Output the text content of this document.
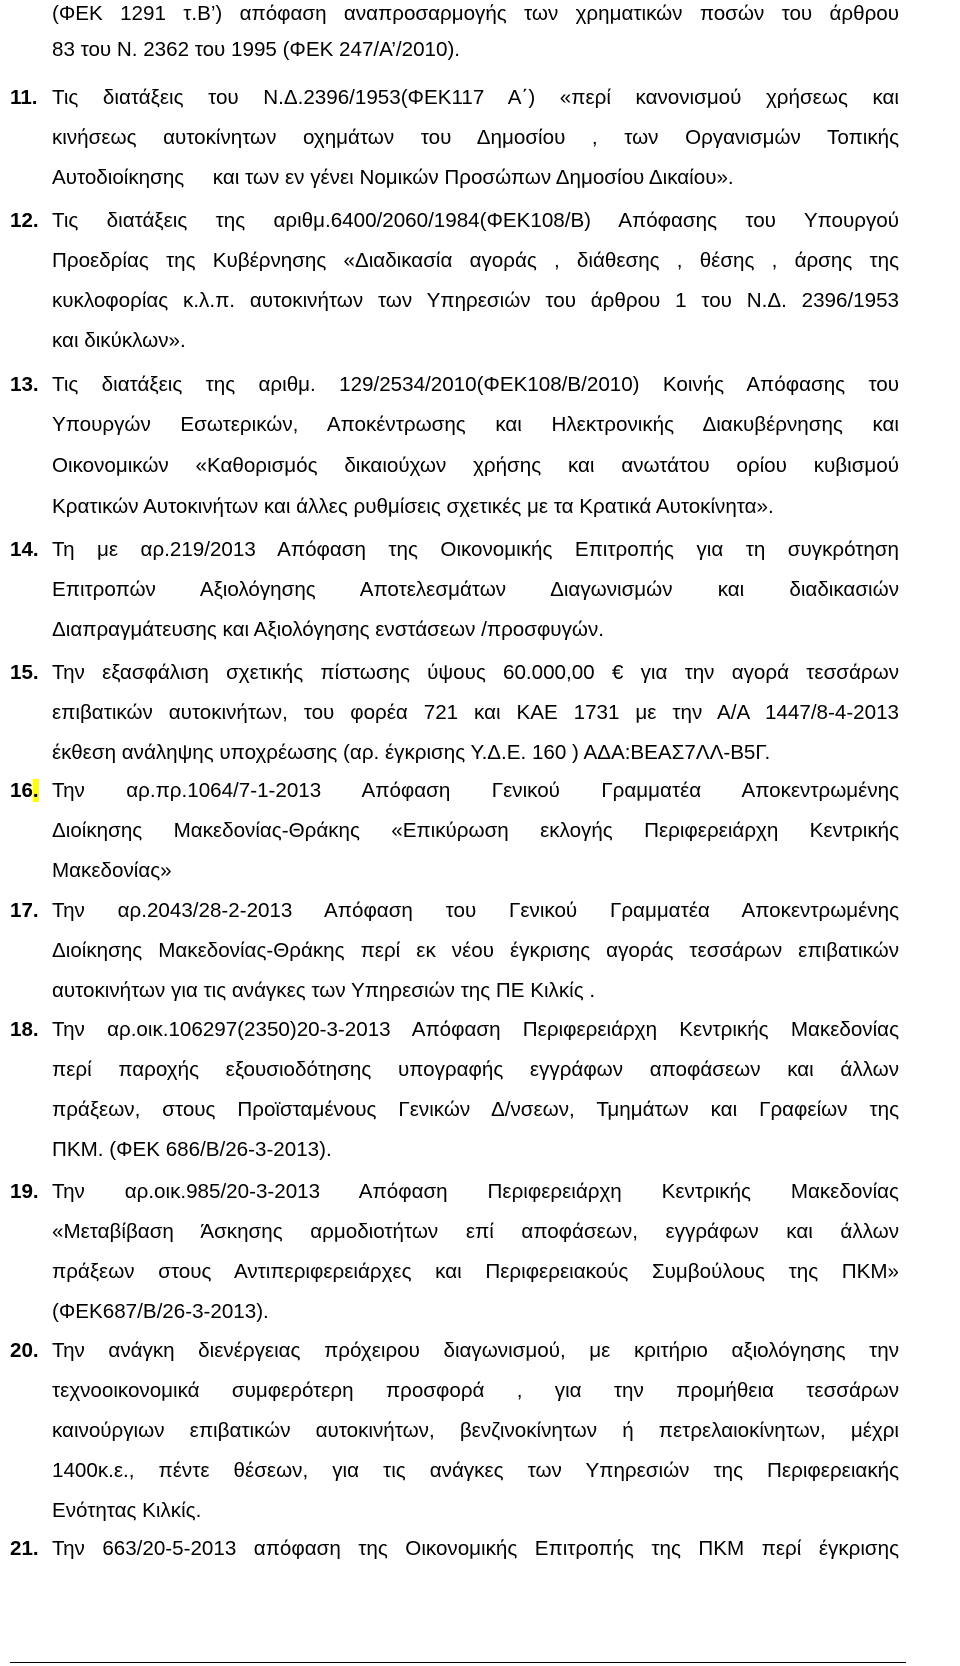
(ΦΕΚ 1291 τ.Β’) απόφαση αναπροσαρμογής των χρηματικών ποσών του άρθρου
83 του Ν. 2362 του 1995 (ΦΕΚ 247/Α’/2010).
11. Τις διατάξεις του Ν.Δ.2396/1953(ΦΕΚ117 Α΄) «περί κανονισμού χρήσεως και
κινήσεως αυτοκίνητων οχημάτων του Δημοσίου , των Οργανισμών Τοπικής
Αυτοδιοίκησης     και των εν γένει Νομικών Προσώπων Δημοσίου Δικαίου».
12. Τις διατάξεις της αριθμ.6400/2060/1984(ΦΕΚ108/Β) Απόφασης του Υπουργού
Προεδρίας της Κυβέρνησης «Διαδικασία αγοράς , διάθεσης , θέσης , άρσης της
κυκλοφορίας κ.λ.π. αυτοκινήτων των Υπηρεσιών του άρθρου 1 του Ν.Δ. 2396/1953
και δικύκλων».
13. Τις διατάξεις της αριθμ. 129/2534/2010(ΦΕΚ108/Β/2010) Κοινής Απόφασης του
Υπουργών Εσωτερικών, Αποκέντρωσης και Ηλεκτρονικής Διακυβέρνησης και
Οικονομικών «Καθορισμός δικαιούχων χρήσης και ανωτάτου ορίου κυβισμού
Κρατικών Αυτοκινήτων και άλλες ρυθμίσεις σχετικές με τα Κρατικά Αυτοκίνητα».
14. Τη με αρ.219/2013 Απόφαση της Οικονομικής Επιτροπής για τη συγκρότηση
Επιτροπών Αξιολόγησης Αποτελεσμάτων Διαγωνισμών και διαδικασιών
Διαπραγμάτευσης και Αξιολόγησης ενστάσεων /προσφυγών.
15. Την εξασφάλιση σχετικής πίστωσης ύψους 60.000,00 € για την αγορά τεσσάρων
επιβατικών αυτοκινήτων, του φορέα 721 και ΚΑΕ 1731 με την Α/Α 1447/8-4-2013
έκθεση ανάληψης υποχρέωσης (αρ. έγκρισης Υ.Δ.Ε. 160 ) ΑΔΑ:ΒΕΑΣ7ΛΛ-Β5Γ.
16. Την αρ.πρ.1064/7-1-2013 Απόφαση Γενικού Γραμματέα Αποκεντρωμένης
Διοίκησης Μακεδονίας-Θράκης «Επικύρωση εκλογής Περιφερειάρχη Κεντρικής
Μακεδονίας»
17. Την αρ.2043/28-2-2013 Απόφαση του Γενικού Γραμματέα Αποκεντρωμένης
Διοίκησης Μακεδονίας-Θράκης περί εκ νέου έγκρισης αγοράς τεσσάρων επιβατικών
αυτοκινήτων για τις ανάγκες των Υπηρεσιών της ΠΕ Κιλκίς .
18. Την αρ.οικ.106297(2350)20-3-2013 Απόφαση Περιφερειάρχη Κεντρικής Μακεδονίας
περί παροχής εξουσιοδότησης υπογραφής εγγράφων αποφάσεων και άλλων
πράξεων, στους Προϊσταμένους Γενικών Δ/νσεων, Τμημάτων και Γραφείων της
ΠΚΜ. (ΦΕΚ 686/Β/26-3-2013).
19. Την αρ.οικ.985/20-3-2013 Απόφαση Περιφερειάρχη Κεντρικής Μακεδονίας
«Μεταβίβαση Άσκησης αρμοδιοτήτων επί αποφάσεων, εγγράφων και άλλων
πράξεων στους Αντιπεριφερειάρχες και Περιφερειακούς Συμβούλους της ΠΚΜ»
(ΦΕΚ687/Β/26-3-2013).
20. Την ανάγκη διενέργειας πρόχειρου διαγωνισμού, με κριτήριο αξιολόγησης την
τεχνοοικονομικά συμφερότερη προσφορά , για την προμήθεια τεσσάρων
καινούργιων επιβατικών αυτοκινήτων, βενζινοκίνητων ή πετρελαιοκίνητων, μέχρι
1400κ.ε., πέντε θέσεων, για τις ανάγκες των Υπηρεσιών της Περιφερειακής
Ενότητας Κιλκίς.
21. Την 663/20-5-2013 απόφαση της Οικονομικής Επιτροπής της ΠΚΜ περί έγκρισης
